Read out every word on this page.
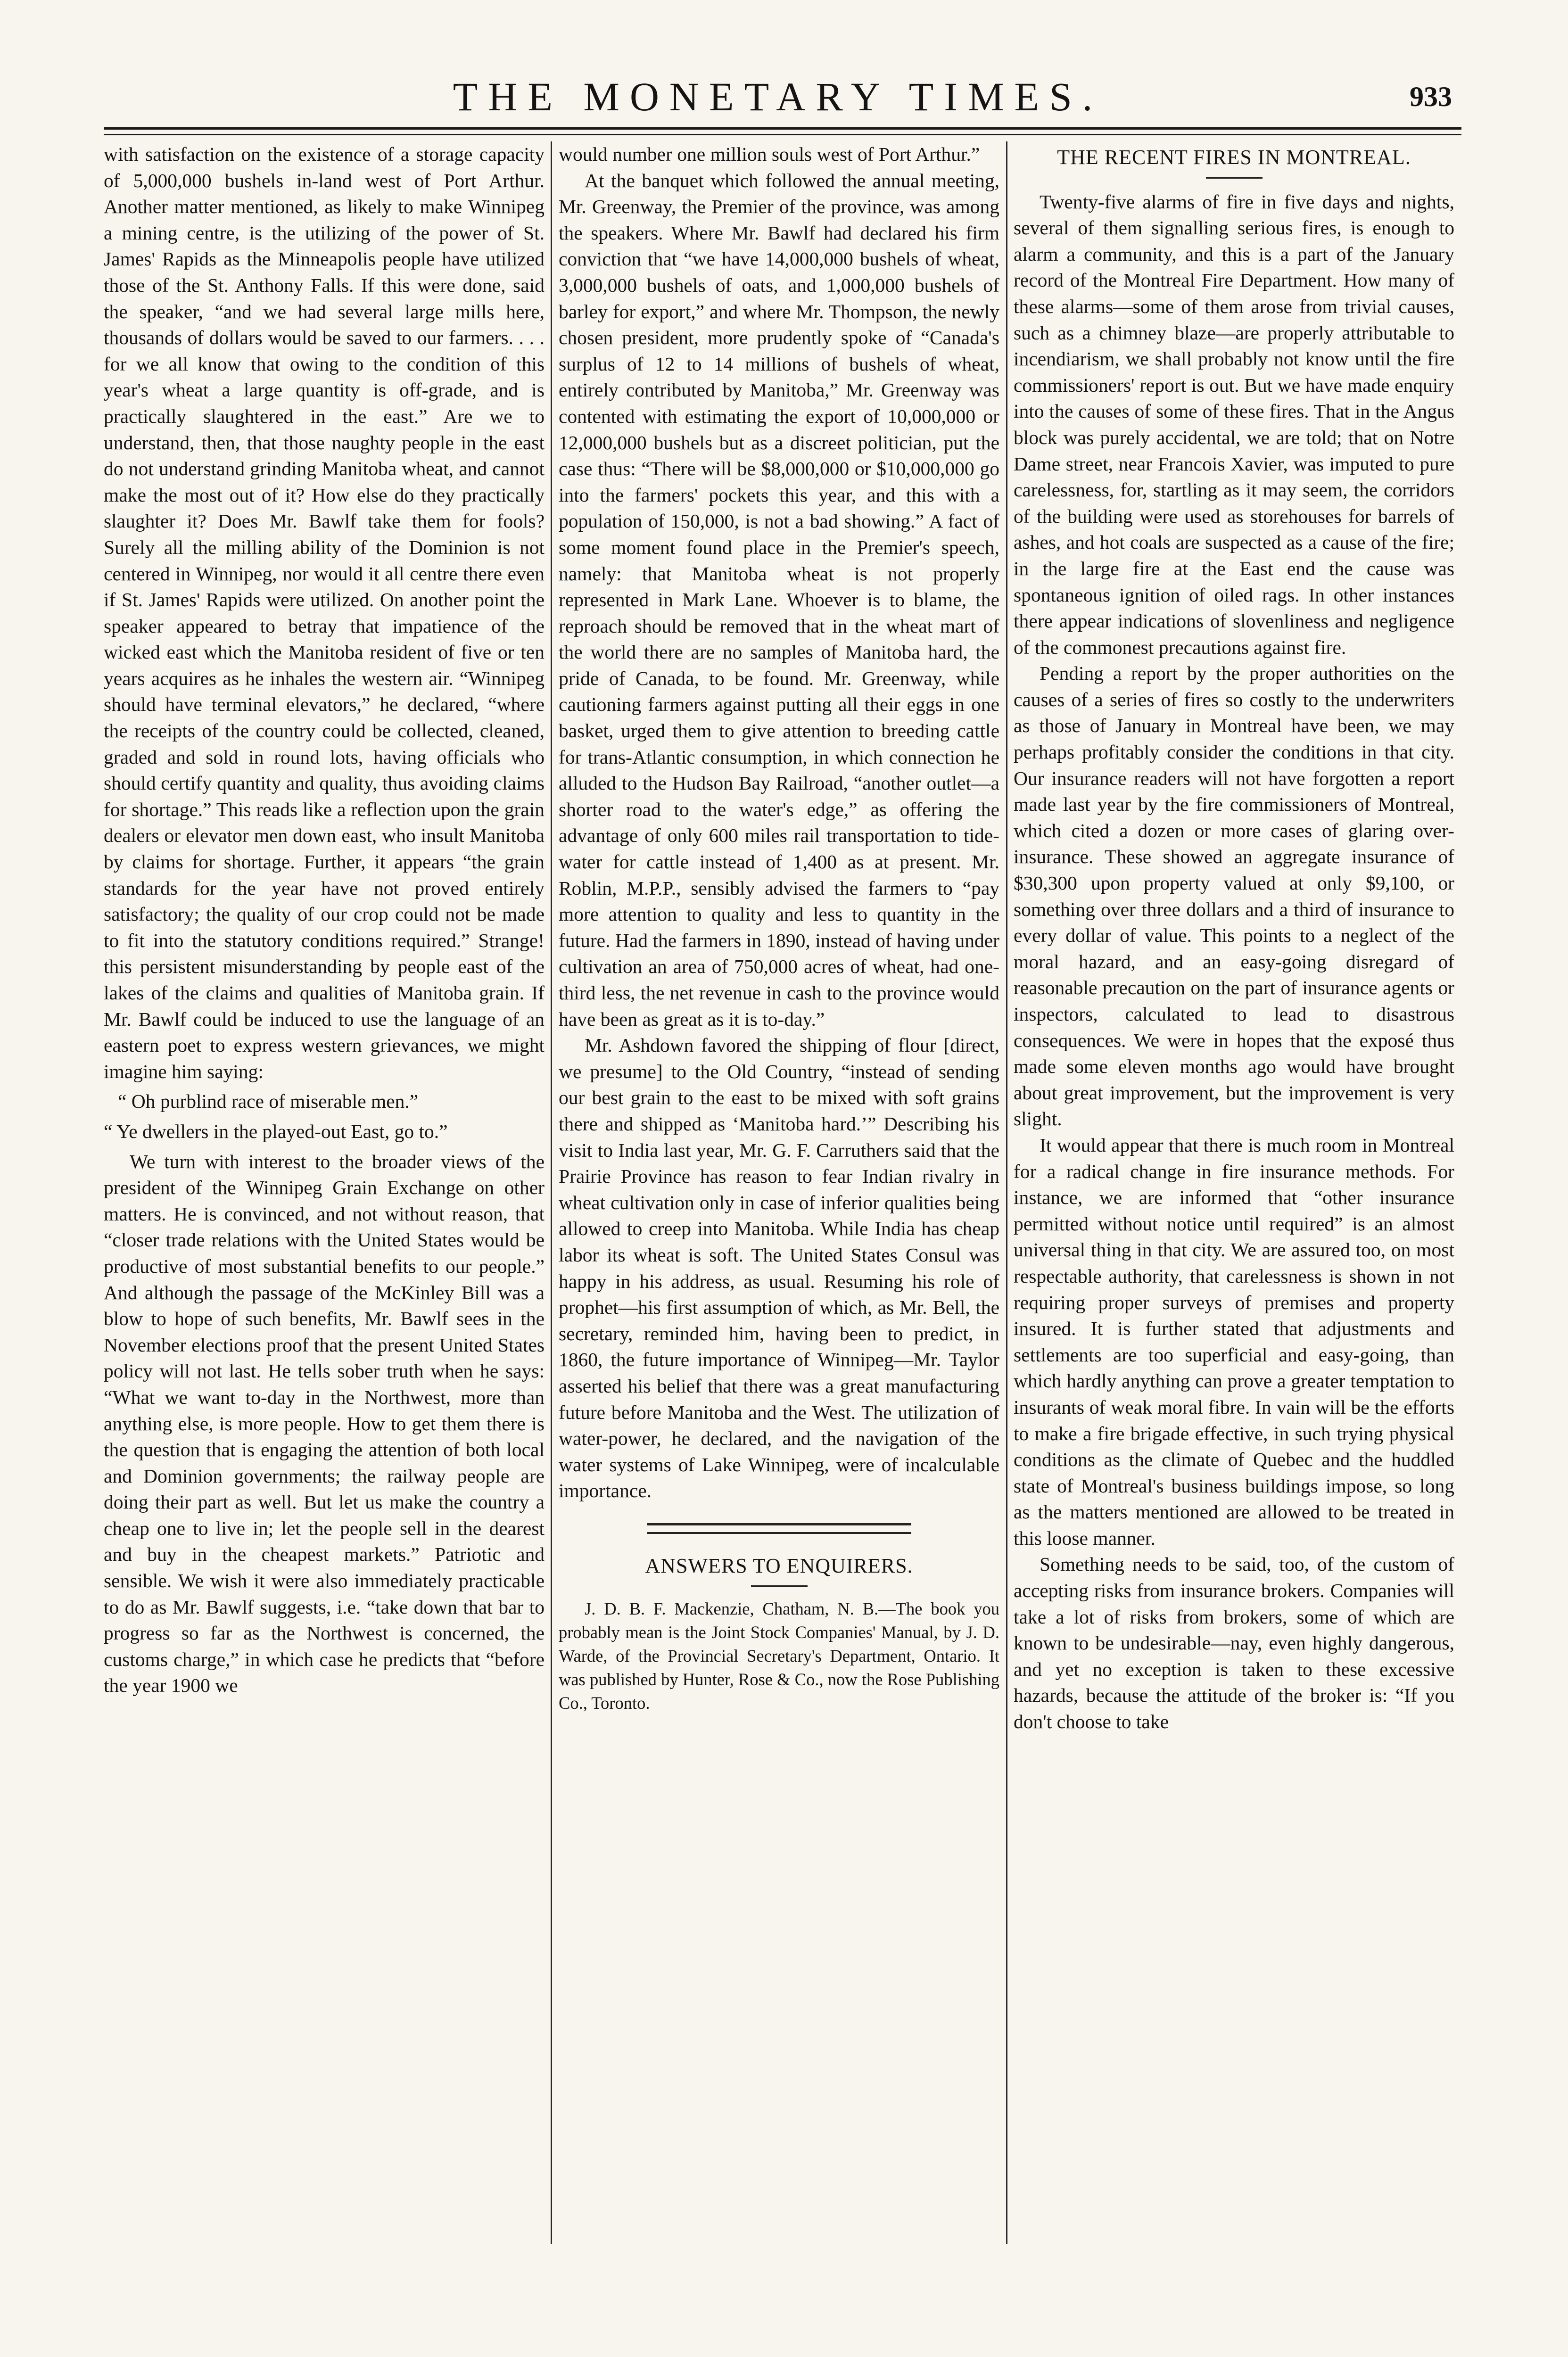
THE MONETARY TIMES.	933

with satisfaction on the existence of a storage capacity of 5,000,000 bushels in-land west of Port Arthur. Another matter mentioned, as likely to make Winnipeg a mining centre, is the utilizing of the power of St. James' Rapids as the Minneapolis people have utilized those of the St. Anthony Falls. If this were done, said the speaker, “and we had several large mills here, thousands of dollars would be saved to our farmers. . . . for we all know that owing to the condition of this year's wheat a large quantity is off-grade, and is practically slaughtered in the east.” Are we to understand, then, that those naughty people in the east do not understand grinding Manitoba wheat, and cannot make the most out of it? How else do they practically slaughter it? Does Mr. Bawlf take them for fools? Surely all the milling ability of the Dominion is not centered in Winnipeg, nor would it all centre there even if St. James' Rapids were utilized. On another point the speaker appeared to betray that impatience of the wicked east which the Manitoba resident of five or ten years acquires as he inhales the western air. “Winnipeg should have terminal elevators,” he declared, “where the receipts of the country could be collected, cleaned, graded and sold in round lots, having officials who should certify quantity and quality, thus avoiding claims for shortage.” This reads like a reflection upon the grain dealers or elevator men down east, who insult Manitoba by claims for shortage. Further, it appears “the grain standards for the year have not proved entirely satisfactory; the quality of our crop could not be made to fit into the statutory conditions required.” Strange! this persistent misunderstanding by people east of the lakes of the claims and qualities of Manitoba grain. If Mr. Bawlf could be induced to use the language of an eastern poet to express western grievances, we might imagine him saying:

“ Oh purblind race of miserable men.”

“ Ye dwellers in the played-out East, go to.”

We turn with interest to the broader views of the president of the Winnipeg Grain Exchange on other matters. He is convinced, and not without reason, that “closer trade relations with the United States would be productive of most substantial benefits to our people.” And although the passage of the McKinley Bill was a blow to hope of such benefits, Mr. Bawlf sees in the November elections proof that the present United States policy will not last. He tells sober truth when he says: “What we want to-day in the Northwest, more than anything else, is more people. How to get them there is the question that is engaging the attention of both local and Dominion governments; the railway people are doing their part as well. But let us make the country a cheap one to live in; let the people sell in the dearest and buy in the cheapest markets.” Patriotic and sensible. We wish it were also immediately practicable to do as Mr. Bawlf suggests, i.e. “take down that bar to progress so far as the Northwest is concerned, the customs charge,” in which case he predicts that “before the year 1900 we

would number one million souls west of Port Arthur.”

At the banquet which followed the annual meeting, Mr. Greenway, the Premier of the province, was among the speakers. Where Mr. Bawlf had declared his firm conviction that “we have 14,000,000 bushels of wheat, 3,000,000 bushels of oats, and 1,000,000 bushels of barley for export,” and where Mr. Thompson, the newly chosen president, more prudently spoke of “Canada's surplus of 12 to 14 millions of bushels of wheat, entirely contributed by Manitoba,” Mr. Greenway was contented with estimating the export of 10,000,000 or 12,000,000 bushels but as a discreet politician, put the case thus: “There will be $8,000,000 or $10,000,000 go into the farmers' pockets this year, and this with a population of 150,000, is not a bad showing.” A fact of some moment found place in the Premier's speech, namely: that Manitoba wheat is not properly represented in Mark Lane. Whoever is to blame, the reproach should be removed that in the wheat mart of the world there are no samples of Manitoba hard, the pride of Canada, to be found. Mr. Greenway, while cautioning farmers against putting all their eggs in one basket, urged them to give attention to breeding cattle for trans-Atlantic consumption, in which connection he alluded to the Hudson Bay Railroad, “another outlet—a shorter road to the water's edge,” as offering the advantage of only 600 miles rail transportation to tide-water for cattle instead of 1,400 as at present. Mr. Roblin, M.P.P., sensibly advised the farmers to “pay more attention to quality and less to quantity in the future. Had the farmers in 1890, instead of having under cultivation an area of 750,000 acres of wheat, had one-third less, the net revenue in cash to the province would have been as great as it is to-day.”

Mr. Ashdown favored the shipping of flour [direct, we presume] to the Old Country, “instead of sending our best grain to the east to be mixed with soft grains there and shipped as ‘Manitoba hard.’” Describing his visit to India last year, Mr. G. F. Carruthers said that the Prairie Province has reason to fear Indian rivalry in wheat cultivation only in case of inferior qualities being allowed to creep into Manitoba. While India has cheap labor its wheat is soft. The United States Consul was happy in his address, as usual. Resuming his role of prophet—his first assumption of which, as Mr. Bell, the secretary, reminded him, having been to predict, in 1860, the future importance of Winnipeg—Mr. Taylor asserted his belief that there was a great manufacturing future before Manitoba and the West. The utilization of water-power, he declared, and the navigation of the water systems of Lake Winnipeg, were of incalculable importance.

ANSWERS TO ENQUIRERS.

J. D. B. F. Mackenzie, Chatham, N. B.—The book you probably mean is the Joint Stock Companies' Manual, by J. D. Warde, of the Provincial Secretary's Department, Ontario. It was published by Hunter, Rose & Co., now the Rose Publishing Co., Toronto.

THE RECENT FIRES IN MONTREAL.

Twenty-five alarms of fire in five days and nights, several of them signalling serious fires, is enough to alarm a community, and this is a part of the January record of the Montreal Fire Department. How many of these alarms—some of them arose from trivial causes, such as a chimney blaze—are properly attributable to incendiarism, we shall probably not know until the fire commissioners' report is out. But we have made enquiry into the causes of some of these fires. That in the Angus block was purely accidental, we are told; that on Notre Dame street, near Francois Xavier, was imputed to pure carelessness, for, startling as it may seem, the corridors of the building were used as storehouses for barrels of ashes, and hot coals are suspected as a cause of the fire; in the large fire at the East end the cause was spontaneous ignition of oiled rags. In other instances there appear indications of slovenliness and negligence of the commonest precautions against fire.

Pending a report by the proper authorities on the causes of a series of fires so costly to the underwriters as those of January in Montreal have been, we may perhaps profitably consider the conditions in that city. Our insurance readers will not have forgotten a report made last year by the fire commissioners of Montreal, which cited a dozen or more cases of glaring over-insurance. These showed an aggregate insurance of $30,300 upon property valued at only $9,100, or something over three dollars and a third of insurance to every dollar of value. This points to a neglect of the moral hazard, and an easy-going disregard of reasonable precaution on the part of insurance agents or inspectors, calculated to lead to disastrous consequences. We were in hopes that the exposé thus made some eleven months ago would have brought about great improvement, but the improvement is very slight.

It would appear that there is much room in Montreal for a radical change in fire insurance methods. For instance, we are informed that “other insurance permitted without notice until required” is an almost universal thing in that city. We are assured too, on most respectable authority, that carelessness is shown in not requiring proper surveys of premises and property insured. It is further stated that adjustments and settlements are too superficial and easy-going, than which hardly anything can prove a greater temptation to insurants of weak moral fibre. In vain will be the efforts to make a fire brigade effective, in such trying physical conditions as the climate of Quebec and the huddled state of Montreal's business buildings impose, so long as the matters mentioned are allowed to be treated in this loose manner.

Something needs to be said, too, of the custom of accepting risks from insurance brokers. Companies will take a lot of risks from brokers, some of which are known to be undesirable—nay, even highly dangerous, and yet no exception is taken to these excessive hazards, because the attitude of the broker is: “If you don't choose to take
